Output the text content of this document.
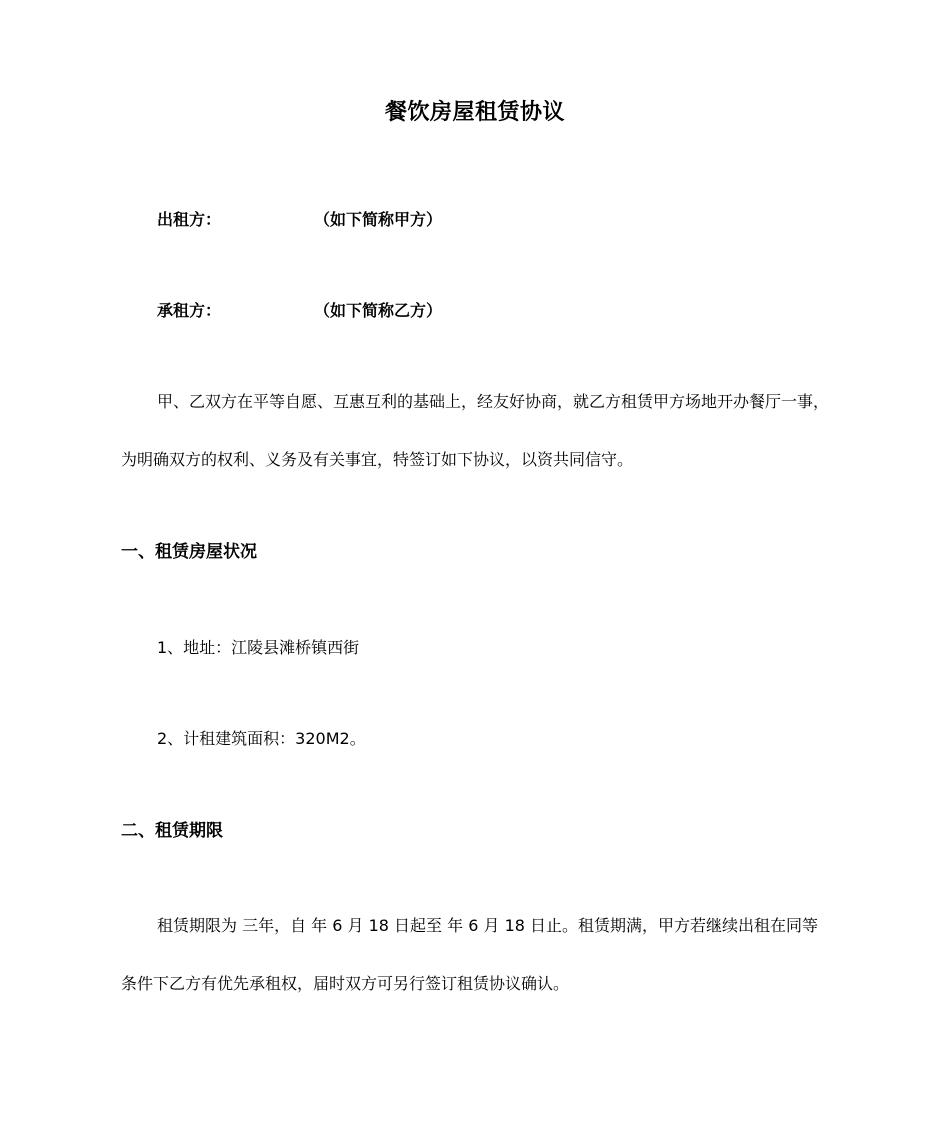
餐饮房屋租赁协议
出租方：	（如下简称甲方）
承租方：	（如下简称乙方）
甲、乙双方在平等自愿、互惠互利的基础上，经友好协商，就乙方租赁甲方场地开办餐厅一事，为明确双方的权利、义务及有关事宜，特签订如下协议，以资共同信守。
一、租赁房屋状况
1、地址：江陵县滩桥镇西街
2、计租建筑面积：320M2。
二、租赁期限
租赁期限为 三年，自 年 6 月 18 日起至 年 6 月 18 日止。租赁期满，甲方若继续出租在同等条件下乙方有优先承租权，届时双方可另行签订租赁协议确认。
